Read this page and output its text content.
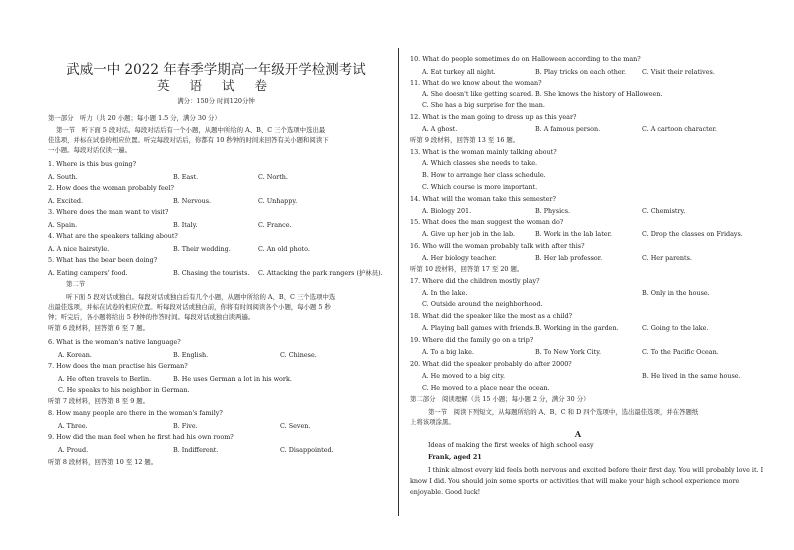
武威一中 2022 年春季学期高一年级开学检测考试
英 语 试 卷
满分：150分 时间120分钟
第一部分　听力（共 20 小题；每小题 1.5 分，满分 30 分）
第一节　听下面 5 段对话。每段对话后有一个小题，从题中所给的 A、B、C 三个选项中选出最
佳选项，并标在试卷的相应位置。听完每段对话后，你都有 10 秒钟的时间来回答有关小题和阅读下
一小题。每段对话仅读一遍。
1. Where is this bus going?
A. South.	B. East.	C. North.
2. How does the woman probably feel?
A. Excited.	B. Nervous.	C. Unhappy.
3. Where does the man want to visit?
A. Spain.	B. Italy.	C. France.
4. What are the speakers talking about?
A. A nice hairstyle.	B. Their wedding.	C. An old photo.
5. What has the bear been doing?
A. Eating campers' food.	B. Chasing the tourists. C. Attacking the park rangers (护林员).
第二节
听下面 5 段对话或独白。每段对话或独白后有几个小题，从题中所给的 A、B、C 三个选项中选
出最佳选项，并标在试卷的相应位置。听每段对话或独白前，你将有时间阅读各个小题，每小题 5 秒
钟；听完后，各小题将给出 5 秒钟的作答时间。每段对话或独白读两遍。
听第 6 段材料，回答第 6 至 7 题。
6. What is the woman's native language?
A. Korean.	B. English.	C. Chinese.
7. How does the man practise his German?
A. He often travels to Berlin.	B. He uses German a lot in his work.
C. He speaks to his neighbor in German.
听第 7 段材料，回答第 8 至 9 题。
8. How many people are there in the woman's family?
A. Three.	B. Five.	C. Seven.
9. How did the man feel when he first had his own room?
A. Proud.	B. Indifferent.	C. Disappointed.
听第 8 段材料，回答第 10 至 12 题。
10. What do people sometimes do on Halloween according to the man?
A. Eat turkey all night.	B. Play tricks on each other.	C. Visit their relatives.
11. What do we know about the woman?
A. She doesn't like getting scared. B. She knows the history of Halloween.
C. She has a big surprise for the man.
12. What is the man going to dress up as this year?
A. A ghost.	B. A famous person.	C. A cartoon character.
听第 9 段材料，回答第 13 至 16 题。
13. What is the woman mainly talking about?
A. Which classes she needs to take.
B. How to arrange her class schedule.
C. Which course is more important.
14. What will the woman take this semester?
A. Biology 201.	B. Physics.	C. Chemistry.
15. What does the man suggest the woman do?
A. Give up her job in the lab.	B. Work in the lab later.	C. Drop the classes on Fridays.
16. Who will the woman probably talk with after this?
A. Her biology teacher.	B. Her lab professor.	C. Her parents.
听第 10 段材料，回答第 17 至 20 题。
17. Where did the children mostly play?
A. In the lake.	B. Only in the house.
C. Outside around the neighborhood.
18. What did the speaker like the most as a child?
A. Playing ball games with friends. B. Working in the garden.	C. Going to the lake.
19. Where did the family go on a trip?
A. To a big lake.	B. To New York City.	C. To the Pacific Ocean.
20. What did the speaker probably do after 2000?
A. He moved to a big city.	B. He lived in the same house.
C. He moved to a place near the ocean.
第二部分　阅读理解（共 15 小题；每小题 2 分，满分 30 分）
第一节　阅读下列短文，从每题所给的 A、B、C 和 D 四个选项中，选出最佳选项，并在答题纸
上将该项涂黑。
A
Ideas of making the first weeks of high school easy
Frank, aged 21
I think almost every kid feels both nervous and excited before their first day. You will probably love it. I
know I did. You should join some sports or activities that will make your high school experience more
enjoyable. Good luck!
